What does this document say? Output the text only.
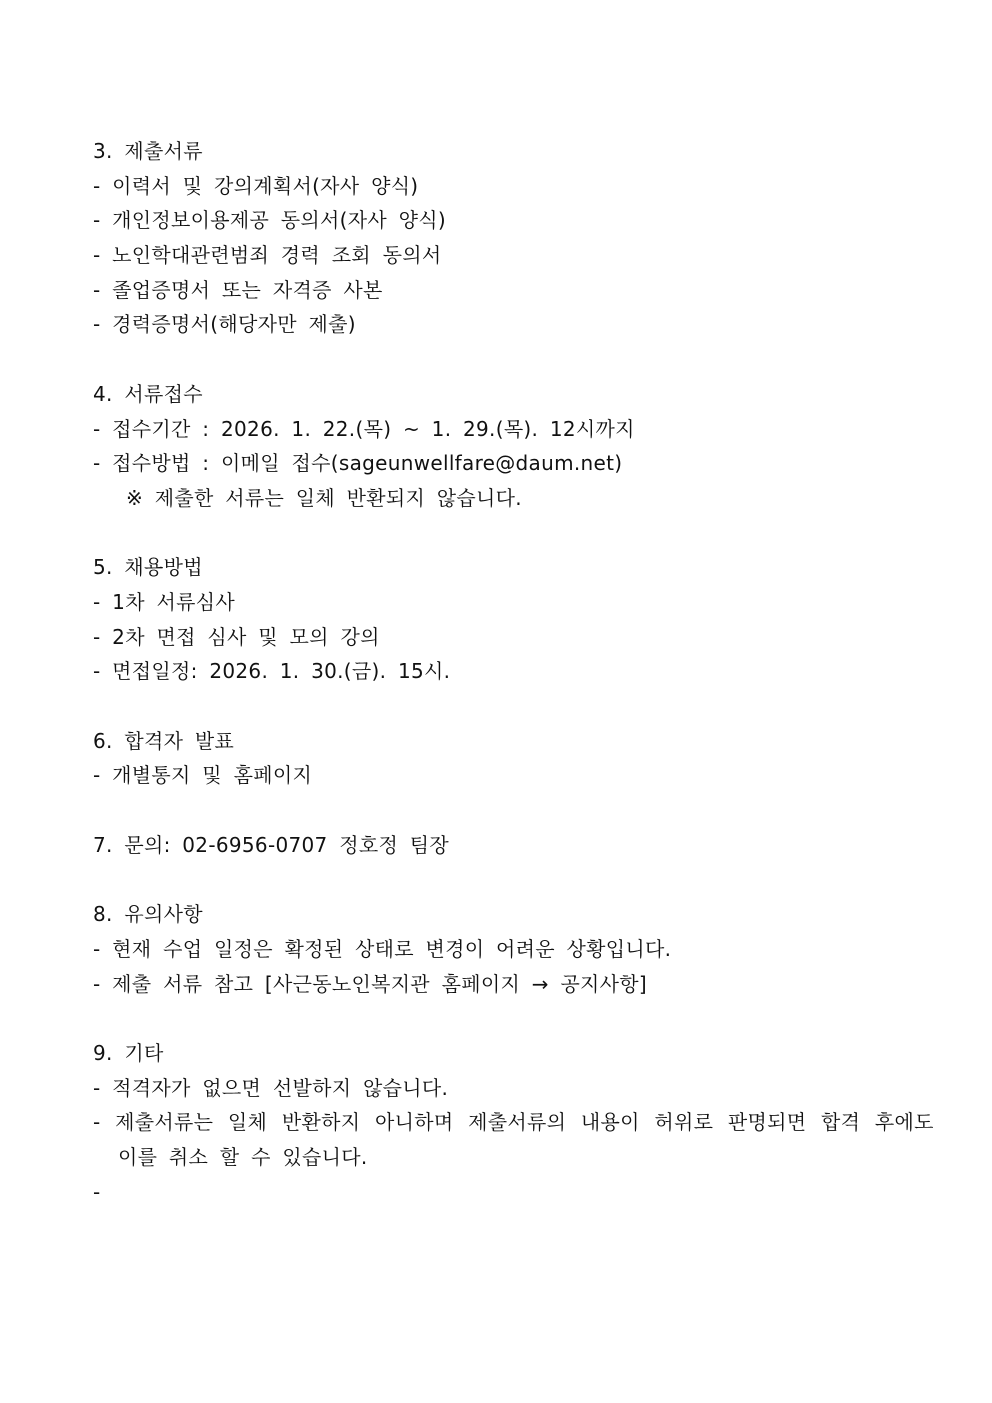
3. 제출서류
- 이력서 및 강의계획서(자사 양식)
- 개인정보이용제공 동의서(자사 양식)
- 노인학대관련범죄 경력 조회 동의서
- 졸업증명서 또는 자격증 사본
- 경력증명서(해당자만 제출)
4. 서류접수
- 접수기간 : 2026. 1. 22.(목) ~ 1. 29.(목). 12시까지
- 접수방법 : 이메일 접수(sageunwellfare@daum.net)
※ 제출한 서류는 일체 반환되지 않습니다.
5. 채용방법
- 1차 서류심사
- 2차 면접 심사 및 모의 강의
- 면접일정: 2026. 1. 30.(금). 15시.
6. 합격자 발표
- 개별통지 및 홈페이지
7. 문의: 02-6956-0707 정호정 팀장
8. 유의사항
- 현재 수업 일정은 확정된 상태로 변경이 어려운 상황입니다.
- 제출 서류 참고 [사근동노인복지관 홈페이지 → 공지사항]
9. 기타
- 적격자가 없으면 선발하지 않습니다.
- 제출서류는 일체 반환하지 아니하며 제출서류의 내용이 허위로 판명되면 합격 후에도
이를 취소 할 수 있습니다.
-
